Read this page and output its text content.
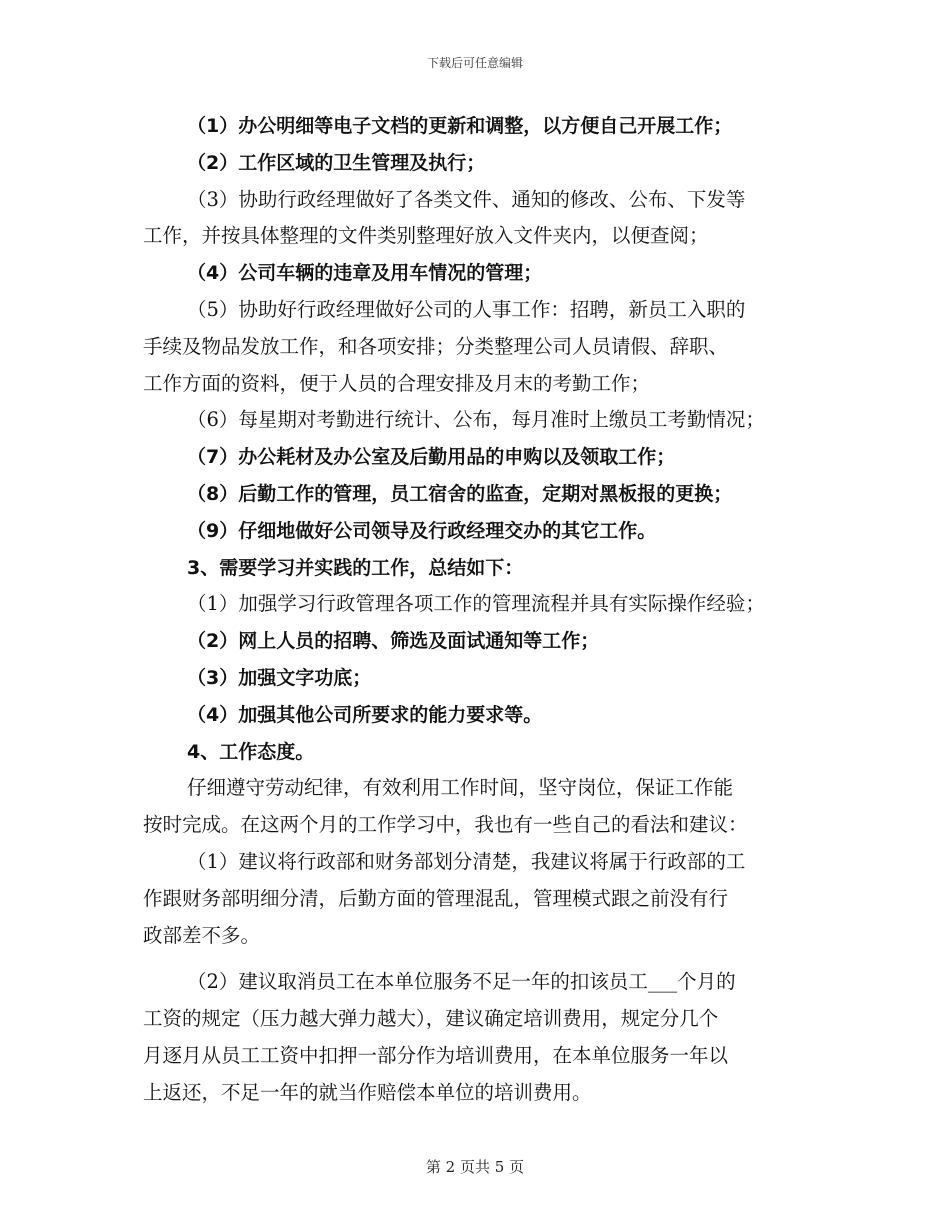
下载后可任意编辑
（1）办公明细等电子文档的更新和调整，以方便自己开展工作；
（2）工作区域的卫生管理及执行；
（3）协助行政经理做好了各类文件、通知的修改、公布、下发等
工作，并按具体整理的文件类别整理好放入文件夹内，以便查阅；
（4）公司车辆的违章及用车情况的管理；
（5）协助好行政经理做好公司的人事工作：招聘，新员工入职的
手续及物品发放工作，和各项安排；分类整理公司人员请假、辞职、
工作方面的资料，便于人员的合理安排及月末的考勤工作；
（6）每星期对考勤进行统计、公布，每月准时上缴员工考勤情况；
（7）办公耗材及办公室及后勤用品的申购以及领取工作；
（8）后勤工作的管理，员工宿舍的监查，定期对黑板报的更换；
（9）仔细地做好公司领导及行政经理交办的其它工作。
3、需要学习并实践的工作，总结如下：
（1）加强学习行政管理各项工作的管理流程并具有实际操作经验；
（2）网上人员的招聘、筛选及面试通知等工作；
（3）加强文字功底；
（4）加强其他公司所要求的能力要求等。
4、工作态度。
仔细遵守劳动纪律，有效利用工作时间，坚守岗位，保证工作能
按时完成。在这两个月的工作学习中，我也有一些自己的看法和建议：
（1）建议将行政部和财务部划分清楚，我建议将属于行政部的工
作跟财务部明细分清，后勤方面的管理混乱，管理模式跟之前没有行
政部差不多。
（2）建议取消员工在本单位服务不足一年的扣该员工___个月的
工资的规定（压力越大弹力越大），建议确定培训费用，规定分几个
月逐月从员工工资中扣押一部分作为培训费用，在本单位服务一年以
上返还，不足一年的就当作赔偿本单位的培训费用。
第 2 页共 5 页
